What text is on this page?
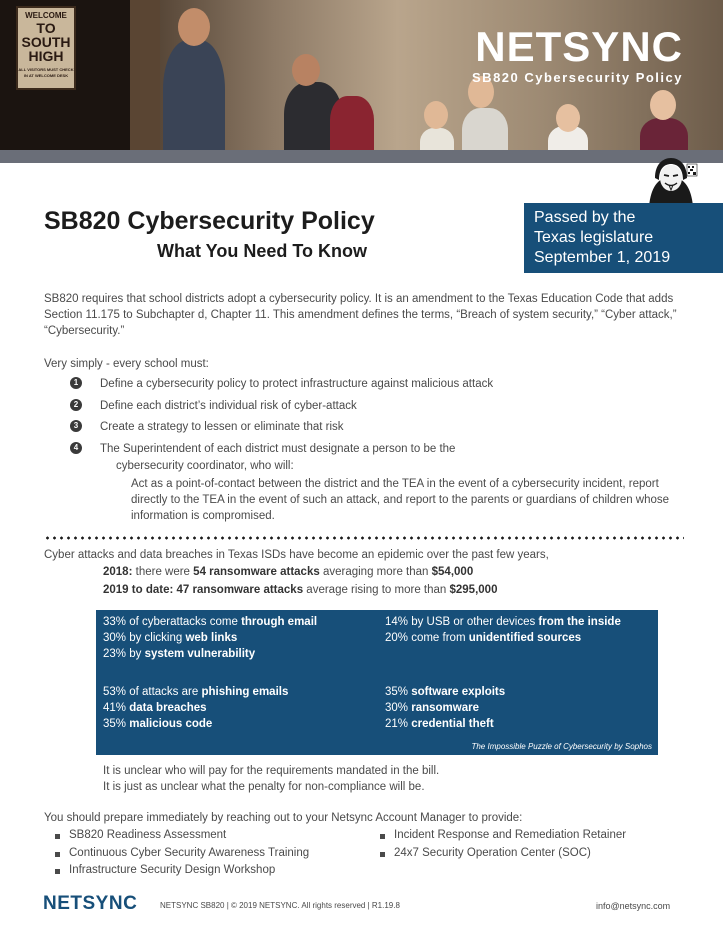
WELCOME
TO SOUTH HIGH
ALL VISITORS MUST CHECK IN AT WELCOME DESK
NETSYNC
SB820 Cybersecurity Policy
Passed by the
Texas legislature
September 1, 2019
SB820 Cybersecurity Policy
What You Need To Know

SB820 requires that school districts adopt a cybersecurity policy. It is an amendment to the Texas Education Code that adds Section 11.175 to Subchapter d, Chapter 11. This amendment defines the terms, “Breach of system security,” “Cyber attack,” “Cybersecurity.”

Very simply - every school must:

1	Define a cybersecurity policy to protect infrastructure against malicious attack
2	Define each district’s individual risk of cyber-attack
3	Create a strategy to lessen or eliminate that risk
4	The Superintendent of each district must designate a person to be the

cybersecurity coordinator, who will:

Act as a point-of-contact between the district and the TEA in the event of a cybersecurity incident, report directly to the TEA in the event of such an attack, and report to the parents or guardians of children whose information is compromised.

Cyber attacks and data breaches in Texas ISDs have become an epidemic over the past few years,

2018: there were 54 ransomware attacks averaging more than $54,000

2019 to date: 47 ransomware attacks average rising to more than $295,000

33% of cyberattacks come through email
30% by clicking web links
23% by system vulnerability
14% by USB or other devices from the inside
20% come from unidentified sources
53% of attacks are phishing emails
41% data breaches
35% malicious code
35% software exploits
30% ransomware
21% credential theft
The Impossible Puzzle of Cybersecurity by Sophos

It is unclear who will pay for the requirements mandated in the bill.

It is just as unclear what the penalty for non-compliance will be.

You should prepare immediately by reaching out to your Netsync Account Manager to provide:

SB820 Readiness Assessment
Continuous Cyber Security Awareness Training
Infrastructure Security Design Workshop
Incident Response and Remediation Retainer
24x7 Security Operation Center (SOC)
NETSYNC	NETSYNC SB820 | © 2019 NETSYNC. All rights reserved | R1.19.8	info@netsync.com
